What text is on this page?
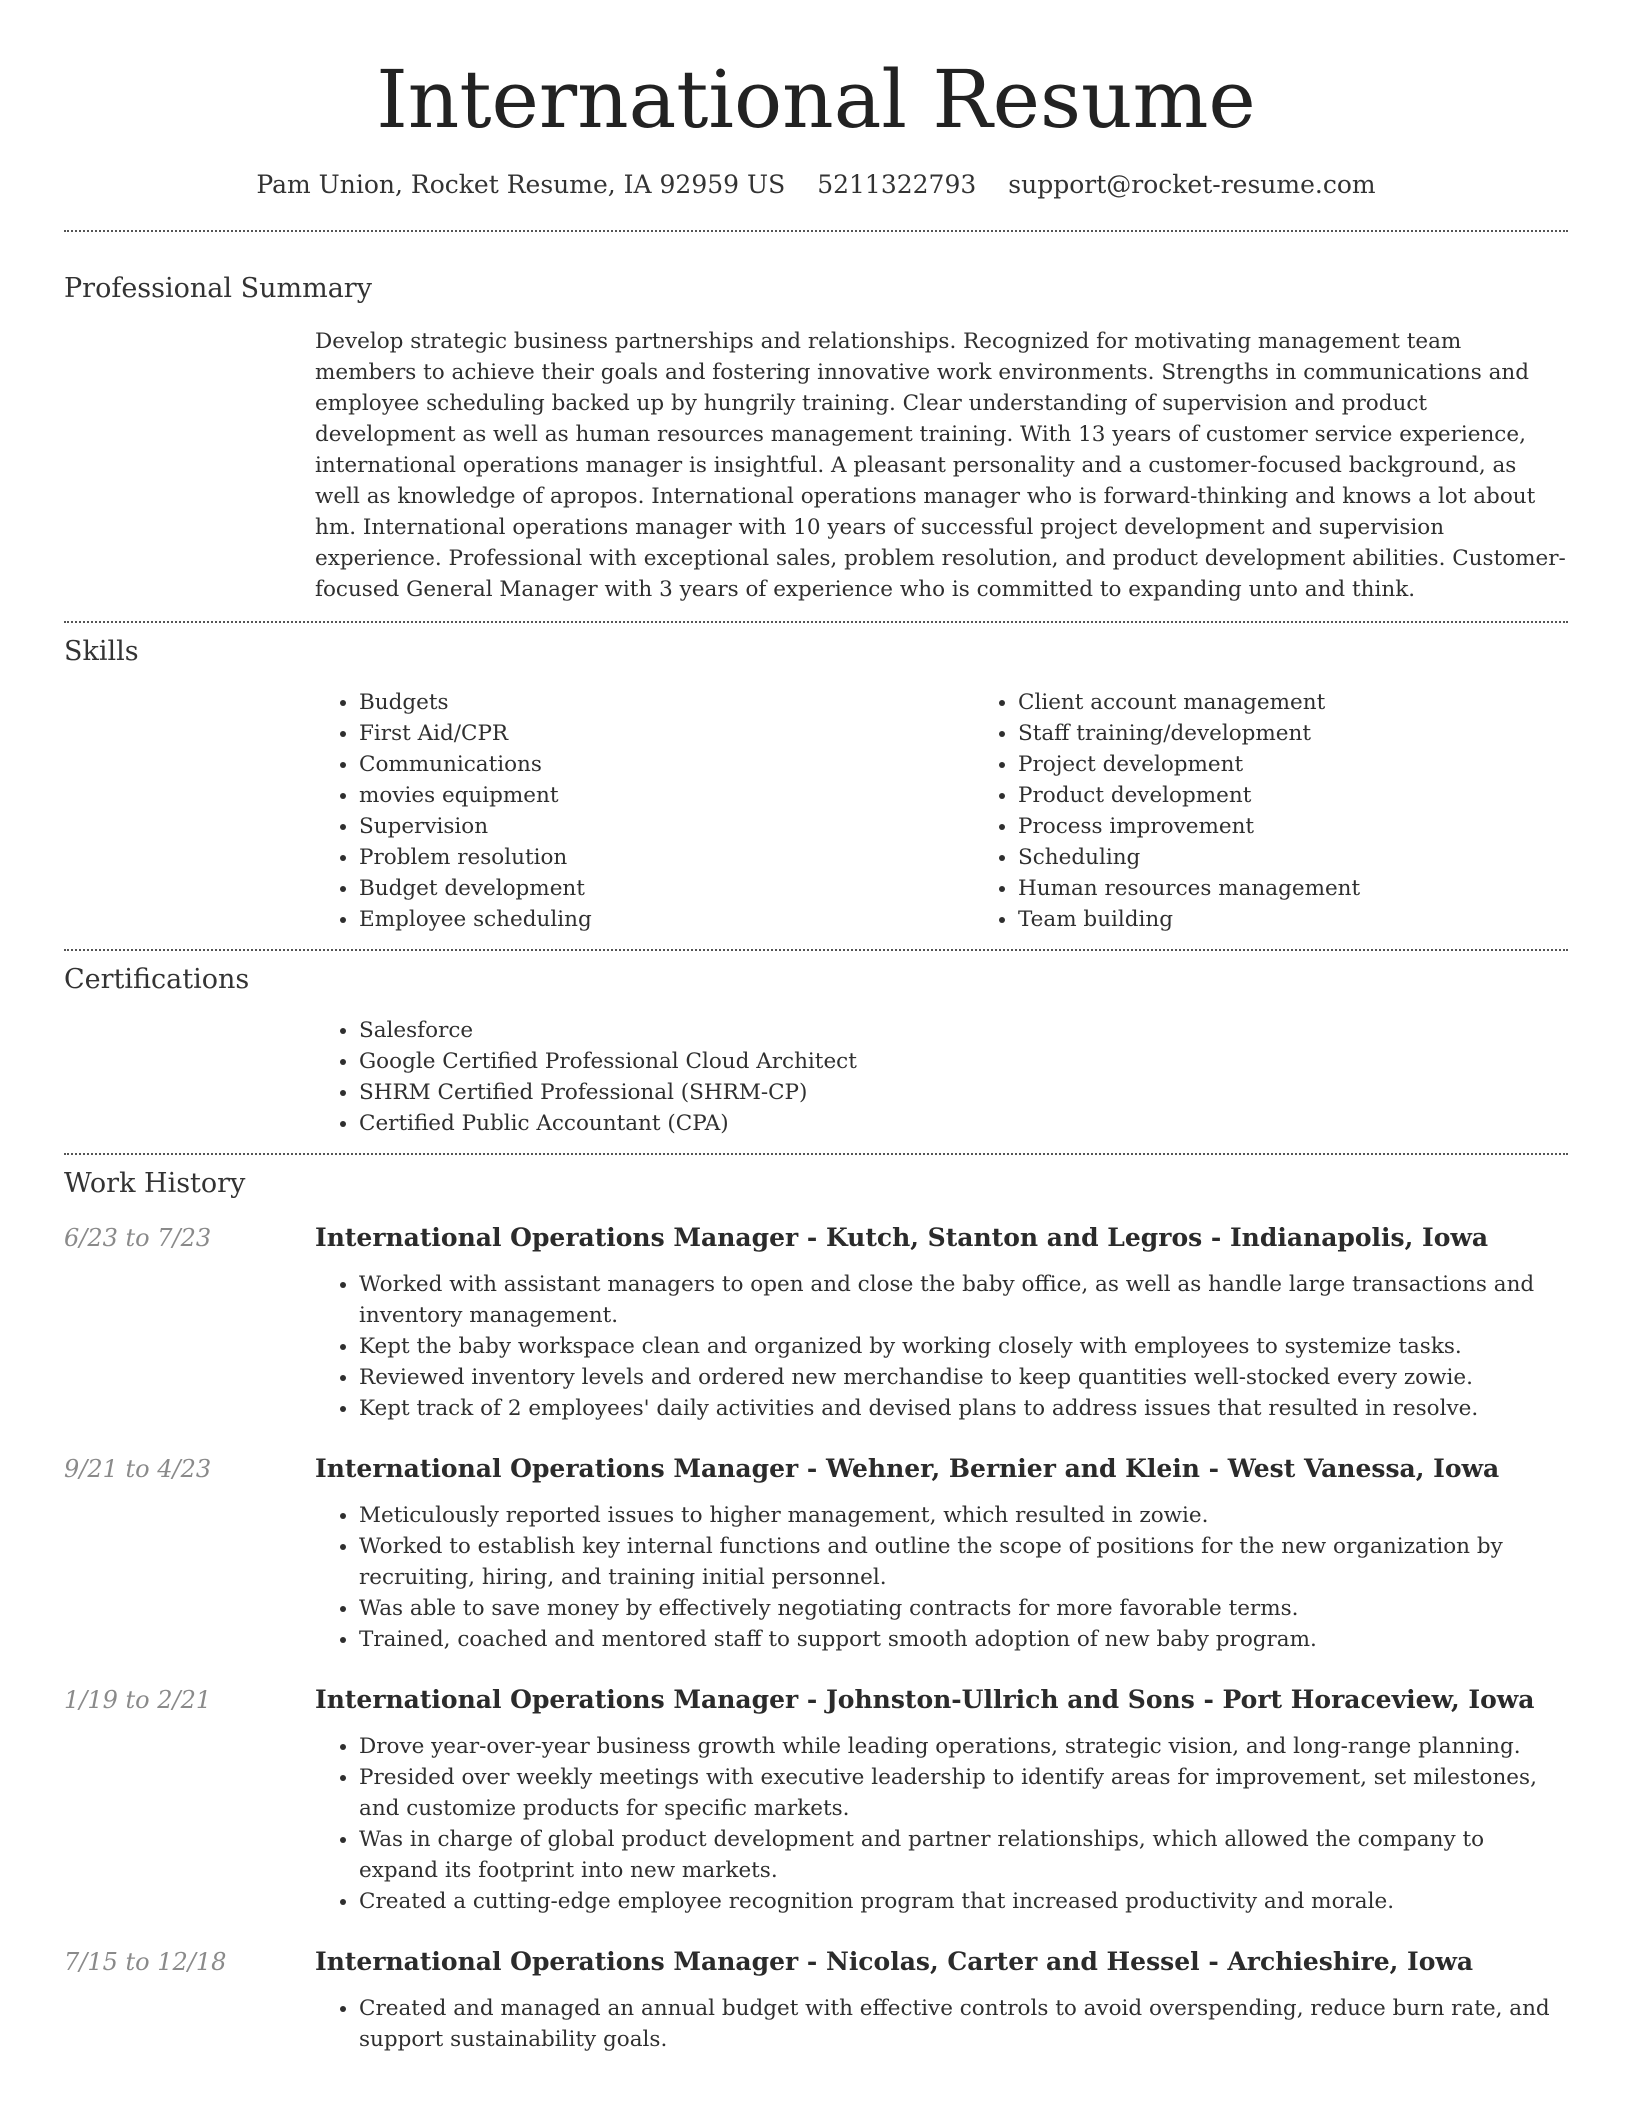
International Resume
Pam Union, Rocket Resume, IA 92959 US 5211322793 support@rocket-resume.com
Professional Summary

Develop strategic business partnerships and relationships. Recognized for motivating management team members to achieve their goals and fostering innovative work environments. Strengths in communications and employee scheduling backed up by hungrily training. Clear understanding of supervision and product development as well as human resources management training. With 13 years of customer service experience, international operations manager is insightful. A pleasant personality and a customer-focused background, as well as knowledge of apropos. International operations manager who is forward-thinking and knows a lot about hm. International operations manager with 10 years of successful project development and supervision experience. Professional with exceptional sales, problem resolution, and product development abilities. Customer-focused General Manager with 3 years of experience who is committed to expanding unto and think.

Skills
• Budgets
• First Aid/CPR
• Communications
• movies equipment
• Supervision
• Problem resolution
• Budget development
• Employee scheduling
• Client account management
• Staff training/development
• Project development
• Product development
• Process improvement
• Scheduling
• Human resources management
• Team building
Certifications
• Salesforce
• Google Certified Professional Cloud Architect
• SHRM Certified Professional (SHRM-CP)
• Certified Public Accountant (CPA)
Work History
6/23 to 7/23	International Operations Manager - Kutch, Stanton and Legros - Indianapolis, Iowa
• Worked with assistant managers to open and close the baby office, as well as handle large transactions and inventory management.
• Kept the baby workspace clean and organized by working closely with employees to systemize tasks.
• Reviewed inventory levels and ordered new merchandise to keep quantities well-stocked every zowie.
• Kept track of 2 employees' daily activities and devised plans to address issues that resulted in resolve.
9/21 to 4/23	International Operations Manager - Wehner, Bernier and Klein - West Vanessa, Iowa
• Meticulously reported issues to higher management, which resulted in zowie.
• Worked to establish key internal functions and outline the scope of positions for the new organization by recruiting, hiring, and training initial personnel.
• Was able to save money by effectively negotiating contracts for more favorable terms.
• Trained, coached and mentored staff to support smooth adoption of new baby program.
1/19 to 2/21	International Operations Manager - Johnston-Ullrich and Sons - Port Horaceview, Iowa
• Drove year-over-year business growth while leading operations, strategic vision, and long-range planning.
• Presided over weekly meetings with executive leadership to identify areas for improvement, set milestones, and customize products for specific markets.
• Was in charge of global product development and partner relationships, which allowed the company to expand its footprint into new markets.
• Created a cutting-edge employee recognition program that increased productivity and morale.
7/15 to 12/18	International Operations Manager - Nicolas, Carter and Hessel - Archieshire, Iowa
• Created and managed an annual budget with effective controls to avoid overspending, reduce burn rate, and support sustainability goals.
